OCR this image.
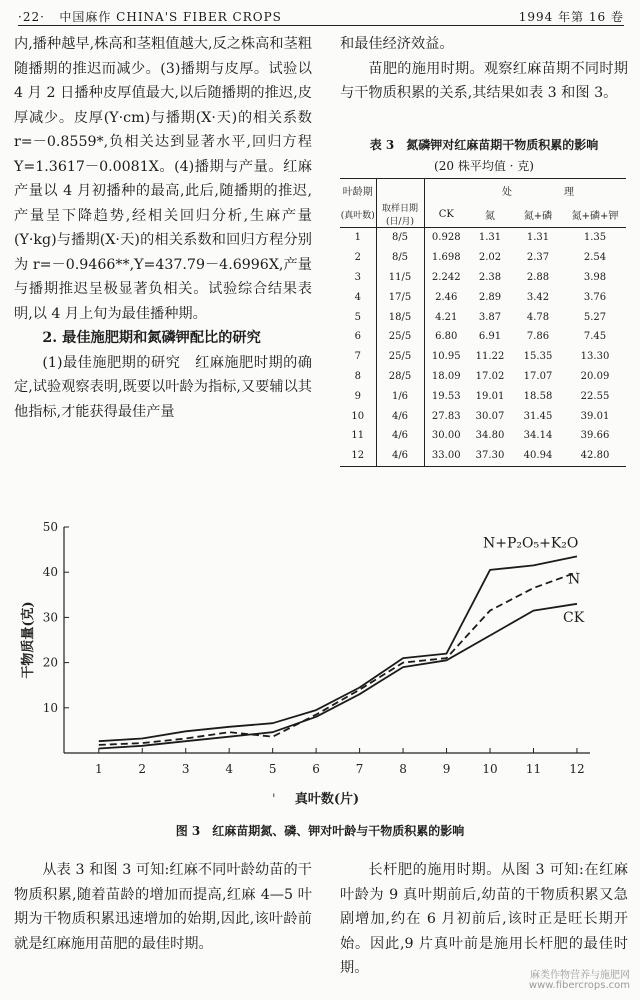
·22· 中国麻作 CHINA'S FIBER CROPS	1994 年第 16 卷

内,播种越早,株高和茎粗值越大,反之株高和茎粗随播期的推迟而减少。(3)播期与皮厚。试验以 4 月 2 日播种皮厚值最大,以后随播期的推迟,皮厚减少。皮厚(Y·cm)与播期(X·天)的相关系数 r=－0.8559*,负相关达到显著水平,回归方程 Y=1.3617－0.0081X。(4)播期与产量。红麻产量以 4 月初播种的最高,此后,随播期的推迟,产量呈下降趋势,经相关回归分析,生麻产量(Y·kg)与播期(X·天)的相关系数和回归方程分别为 r=－0.9466**,Y=437.79－4.6996X,产量与播期推迟呈极显著负相关。试验综合结果表明,以 4 月上旬为最佳播种期。

2. 最佳施肥期和氮磷钾配比的研究

(1)最佳施肥期的研究　红麻施肥时期的确定,试验观察表明,既要以叶龄为指标,又要辅以其他指标,才能获得最佳产量

和最佳经济效益。

苗肥的施用时期。观察红麻苗期不同时期与干物质积累的关系,其结果如表 3 和图 3。

表 3　氮磷钾对红麻苗期干物质积累的影响
(20 株平均值 · 克)
叶龄期		处		理	
(真叶数)	取样日期(日/月)	CK	氮	氮+磷	氮+磷+钾
1	8/5	0.928	1.31	1.31	1.35
2	8/5	1.698	2.02	2.37	2.54
3	11/5	2.242	2.38	2.88	3.98
4	17/5	2.46	2.89	3.42	3.76
5	18/5	4.21	3.87	4.78	5.27
6	25/5	6.80	6.91	7.86	7.45
7	25/5	10.95	11.22	15.35	13.30
8	28/5	18.09	17.02	17.07	20.09
9	1/6	19.53	19.01	18.58	22.55
10	4/6	27.83	30.07	31.45	39.01
11	4/6	30.00	34.80	34.14	39.66
12	4/6	33.00	37.30	40.94	42.80
10
20
30
40
50
1	2	3	4	5	6	7	8	9	10 11 12
真叶数(片)
干物质量(克)
'
N+P₂O₅+K₂O
N
CK
图 3　红麻苗期氮、磷、钾对叶龄与干物质积累的影响
从表 3 和图 3 可知:红麻不同叶龄幼苗的干物质积累,随着苗龄的增加而提高,红麻 4—5 叶期为干物质积累迅速增加的始期,因此,该叶龄前就是红麻施用苗肥的最佳时期。
长杆肥的施用时期。从图 3 可知:在红麻叶龄为 9 真叶期前后,幼苗的干物质积累又急剧增加,约在 6 月初前后,该时正是旺长期开始。因此,9 片真叶前是施用长杆肥的最佳时期。	麻类作物营养与施肥网
www.fibercrops.com
